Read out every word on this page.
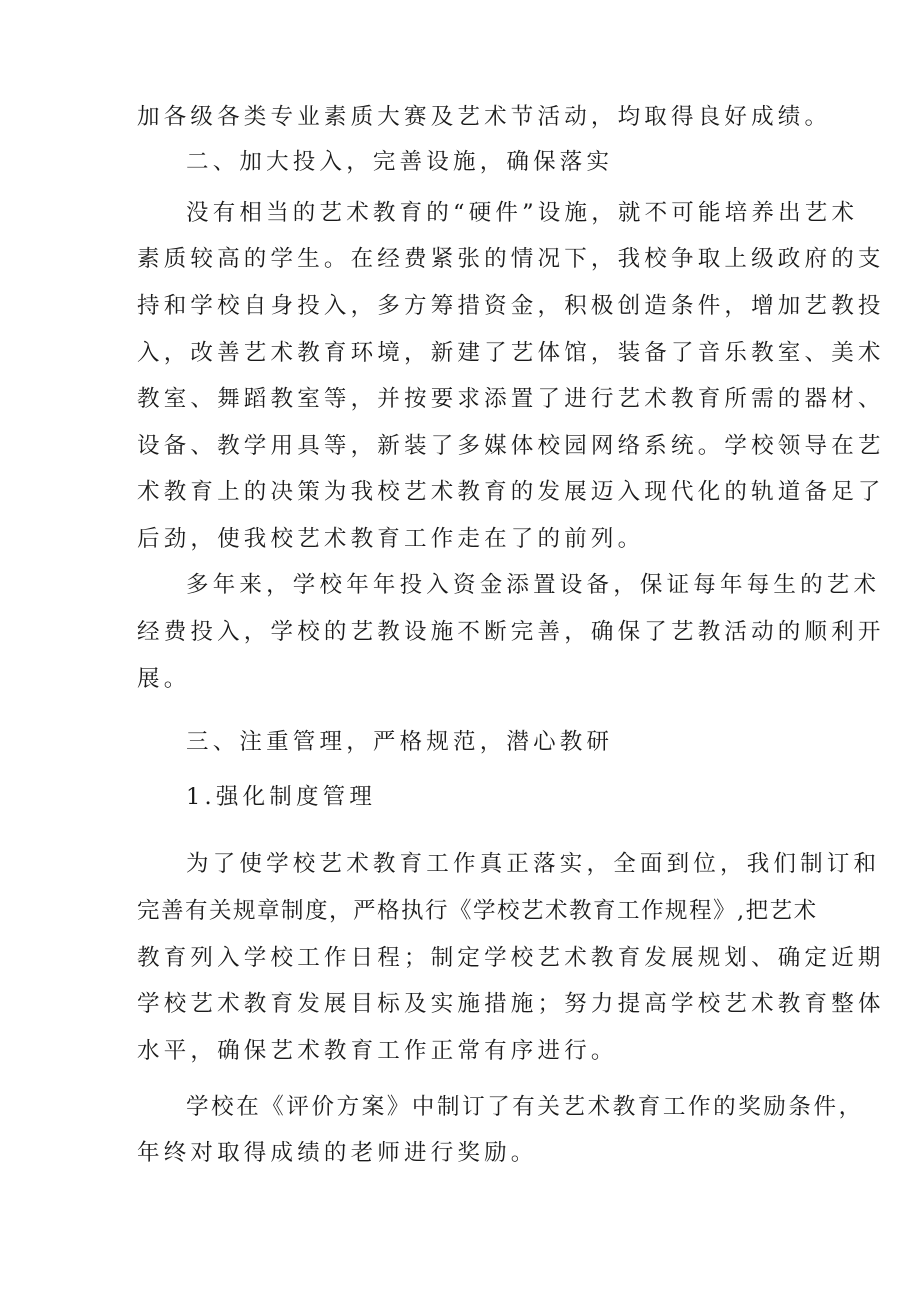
加各级各类专业素质大赛及艺术节活动，均取得良好成绩。
二、加大投入，完善设施，确保落实
没有相当的艺术教育的“硬件”设施，就不可能培养出艺术
素质较高的学生。在经费紧张的情况下，我校争取上级政府的支
持和学校自身投入，多方筹措资金，积极创造条件，增加艺教投
入，改善艺术教育环境，新建了艺体馆，装备了音乐教室、美术
教室、舞蹈教室等，并按要求添置了进行艺术教育所需的器材、
设备、教学用具等，新装了多媒体校园网络系统。学校领导在艺
术教育上的决策为我校艺术教育的发展迈入现代化的轨道备足了
后劲，使我校艺术教育工作走在了的前列。
多年来，学校年年投入资金添置设备，保证每年每生的艺术
经费投入，学校的艺教设施不断完善，确保了艺教活动的顺利开
展。
三、注重管理，严格规范，潜心教研
1.强化制度管理
为了使学校艺术教育工作真正落实，全面到位，我们制订和
完善有关规章制度，严格执行《学校艺术教育工作规程》,把艺术
教育列入学校工作日程；制定学校艺术教育发展规划、确定近期
学校艺术教育发展目标及实施措施；努力提高学校艺术教育整体
水平，确保艺术教育工作正常有序进行。
学校在《评价方案》中制订了有关艺术教育工作的奖励条件，
年终对取得成绩的老师进行奖励。
